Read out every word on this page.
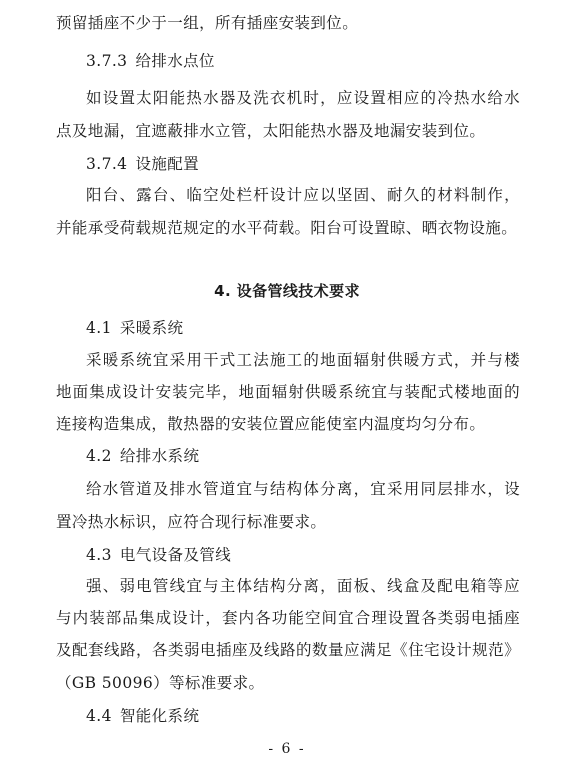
预留插座不少于一组，所有插座安装到位。
3.7.3 给排水点位
如设置太阳能热水器及洗衣机时，应设置相应的冷热水给水
点及地漏，宜遮蔽排水立管，太阳能热水器及地漏安装到位。
3.7.4 设施配置
阳台、露台、临空处栏杆设计应以坚固、耐久的材料制作，
并能承受荷载规范规定的水平荷载。阳台可设置晾、晒衣物设施。
4. 设备管线技术要求
4.1 采暖系统
采暖系统宜采用干式工法施工的地面辐射供暖方式，并与楼
地面集成设计安装完毕，地面辐射供暖系统宜与装配式楼地面的
连接构造集成，散热器的安装位置应能使室内温度均匀分布。
4.2 给排水系统
给水管道及排水管道宜与结构体分离，宜采用同层排水，设
置冷热水标识，应符合现行标准要求。
4.3 电气设备及管线
强、弱电管线宜与主体结构分离，面板、线盒及配电箱等应
与内装部品集成设计，套内各功能空间宜合理设置各类弱电插座
及配套线路，各类弱电插座及线路的数量应满足《住宅设计规范》
（GB 50096）等标准要求。
4.4 智能化系统
- 6 -
